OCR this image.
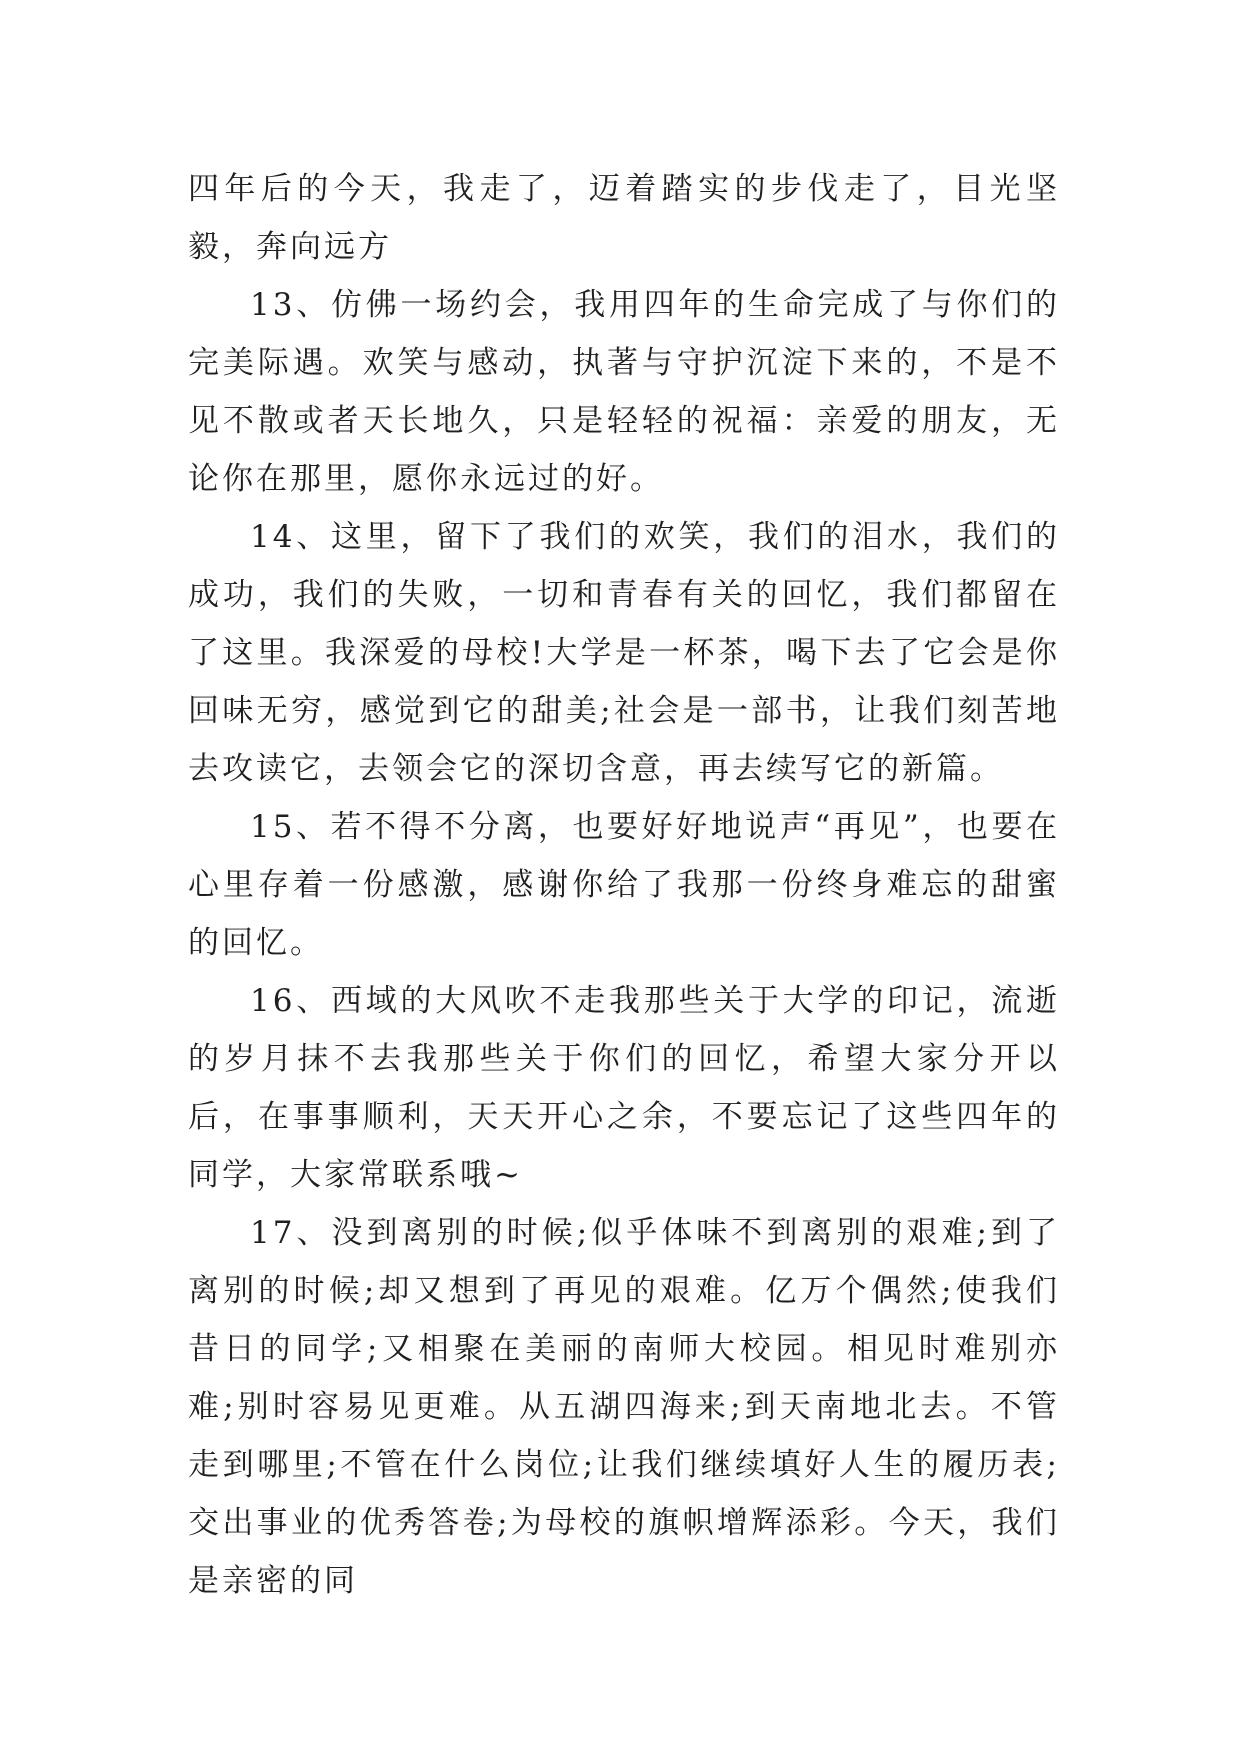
四年后的今天，我走了，迈着踏实的步伐走了，目光坚毅，奔向远方

13、仿佛一场约会，我用四年的生命完成了与你们的完美际遇。欢笑与感动，执著与守护沉淀下来的，不是不见不散或者天长地久，只是轻轻的祝福：亲爱的朋友，无论你在那里，愿你永远过的好。

14、这里，留下了我们的欢笑，我们的泪水，我们的成功，我们的失败，一切和青春有关的回忆，我们都留在了这里。我深爱的母校!大学是一杯茶，喝下去了它会是你回味无穷，感觉到它的甜美;社会是一部书，让我们刻苦地去攻读它，去领会它的深切含意，再去续写它的新篇。

15、若不得不分离，也要好好地说声“再见”，也要在心里存着一份感激，感谢你给了我那一份终身难忘的甜蜜的回忆。

16、西域的大风吹不走我那些关于大学的印记，流逝的岁月抹不去我那些关于你们的回忆，希望大家分开以后，在事事顺利，天天开心之余，不要忘记了这些四年的同学，大家常联系哦~

17、没到离别的时候;似乎体味不到离别的艰难;到了离别的时候;却又想到了再见的艰难。亿万个偶然;使我们昔日的同学;又相聚在美丽的南师大校园。相见时难别亦难;别时容易见更难。从五湖四海来;到天南地北去。不管走到哪里;不管在什么岗位;让我们继续填好人生的履历表;交出事业的优秀答卷;为母校的旗帜增辉添彩。今天，我们是亲密的同
